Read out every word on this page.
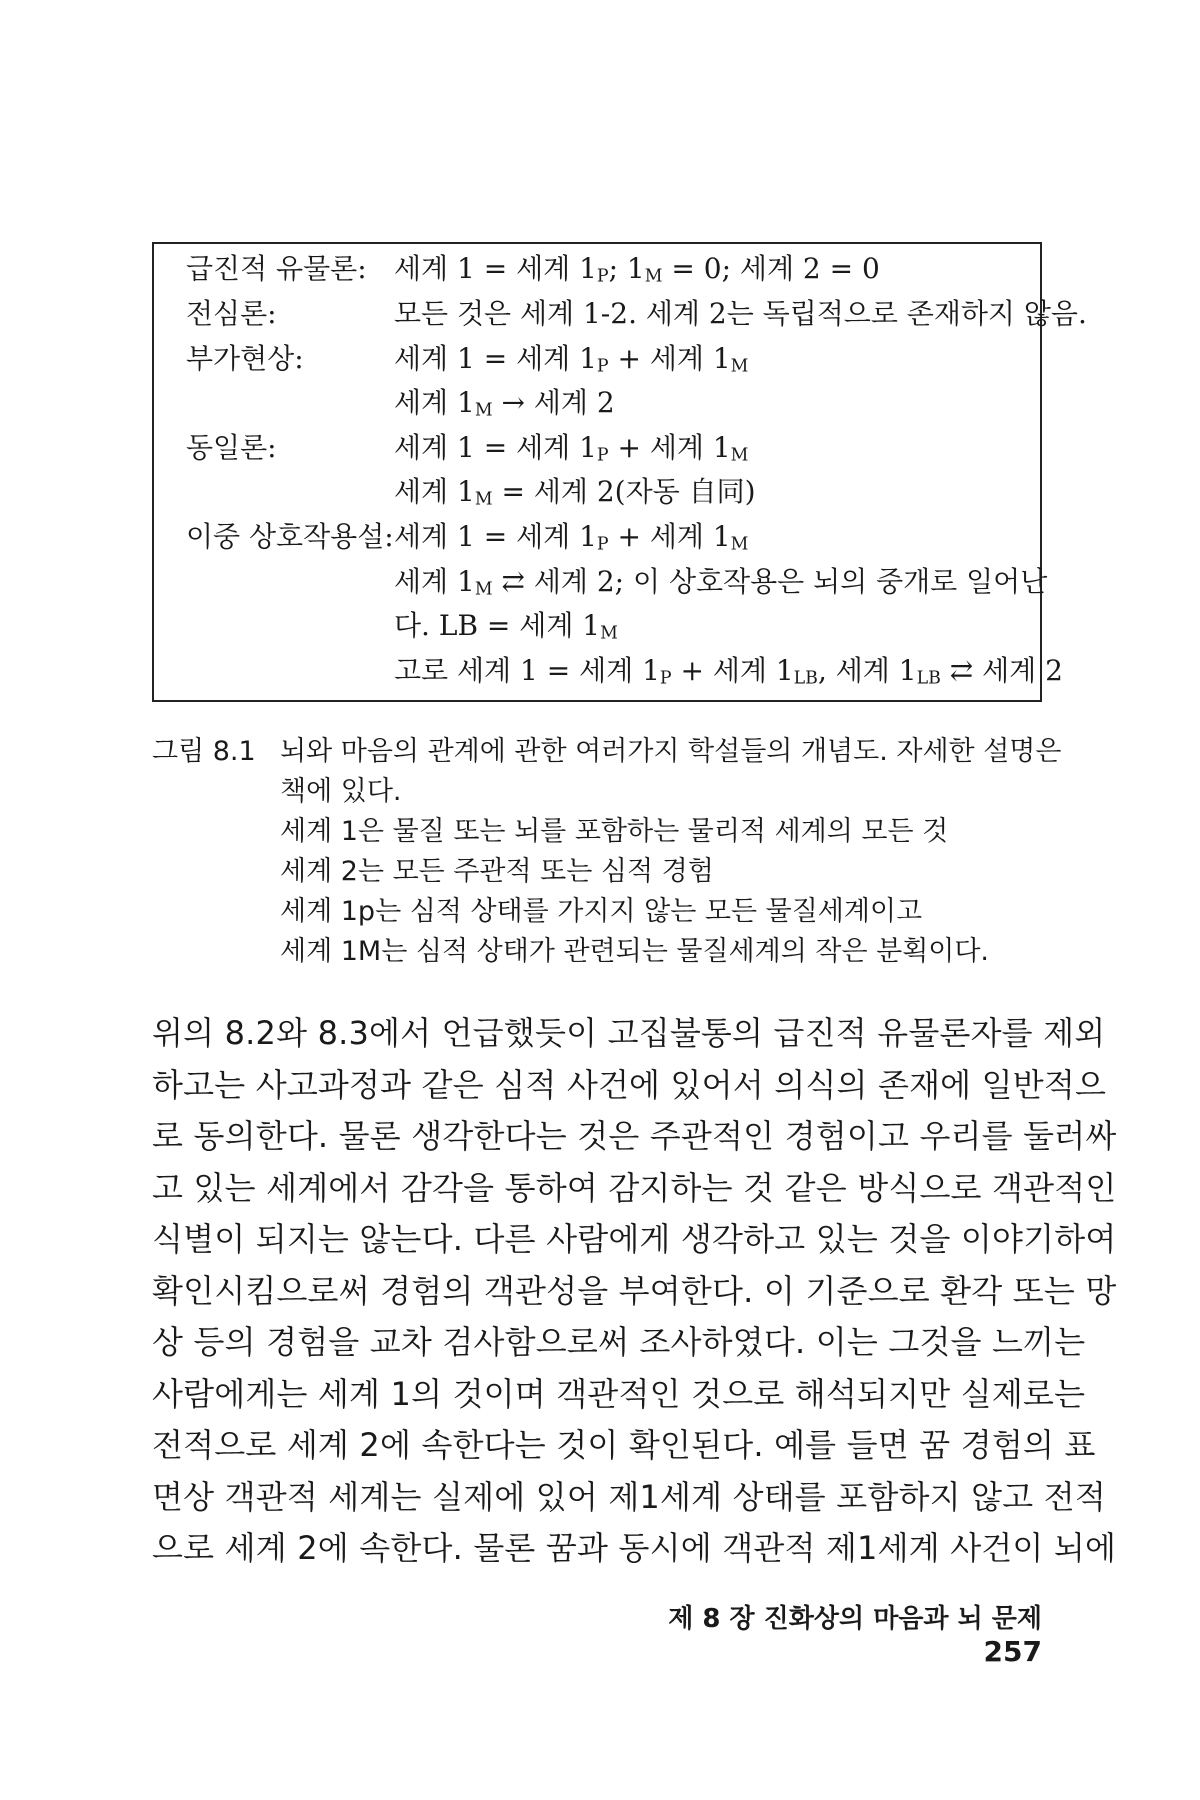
급진적 유물론: 세계 1 = 세계 $1_P$; $1_M = 0$; 세계 2 = 0
전심론:	모든 것은 세계 1-2. 세계 2는 독립적으로 존재하지 않음.
부가현상:	세계 1 = 세계 $1_P$ + 세계 $1_M$
세계 $1_M$ → 세계 2
동일론:	세계 1 = 세계 $1_P$ + 세계 $1_M$
세계 $1_M$ = 세계 2(자동 自同)
이중 상호작용설: 세계 1 = 세계 $1_P$ + 세계 $1_M$
세계 $1_M$ ⇄ 세계 2; 이 상호작용은 뇌의 중개로 일어난
다. LB = 세계 $1_M$
고로 세계 1 = 세계 $1_P$ + 세계 $1_{LB}$, 세계 $1_{LB}$ ⇄ 세계 2
그림 8.1 뇌와 마음의 관계에 관한 여러가지 학설들의 개념도. 자세한 설명은
책에 있다.
세계 1은 물질 또는 뇌를 포함하는 물리적 세계의 모든 것
세계 2는 모든 주관적 또는 심적 경험
세계 1p는 심적 상태를 가지지 않는 모든 물질세계이고
세계 1M는 심적 상태가 관련되는 물질세계의 작은 분획이다.
위의 8.2와 8.3에서 언급했듯이 고집불통의 급진적 유물론자를 제외
하고는 사고과정과 같은 심적 사건에 있어서 의식의 존재에 일반적으
로 동의한다. 물론 생각한다는 것은 주관적인 경험이고 우리를 둘러싸
고 있는 세계에서 감각을 통하여 감지하는 것 같은 방식으로 객관적인
식별이 되지는 않는다. 다른 사람에게 생각하고 있는 것을 이야기하여
확인시킴으로써 경험의 객관성을 부여한다. 이 기준으로 환각 또는 망
상 등의 경험을 교차 검사함으로써 조사하였다. 이는 그것을 느끼는
사람에게는 세계 1의 것이며 객관적인 것으로 해석되지만 실제로는
전적으로 세계 2에 속한다는 것이 확인된다. 예를 들면 꿈 경험의 표
면상 객관적 세계는 실제에 있어 제1세계 상태를 포함하지 않고 전적
으로 세계 2에 속한다. 물론 꿈과 동시에 객관적 제1세계 사건이 뇌에
제 8 장 진화상의 마음과 뇌 문제257
